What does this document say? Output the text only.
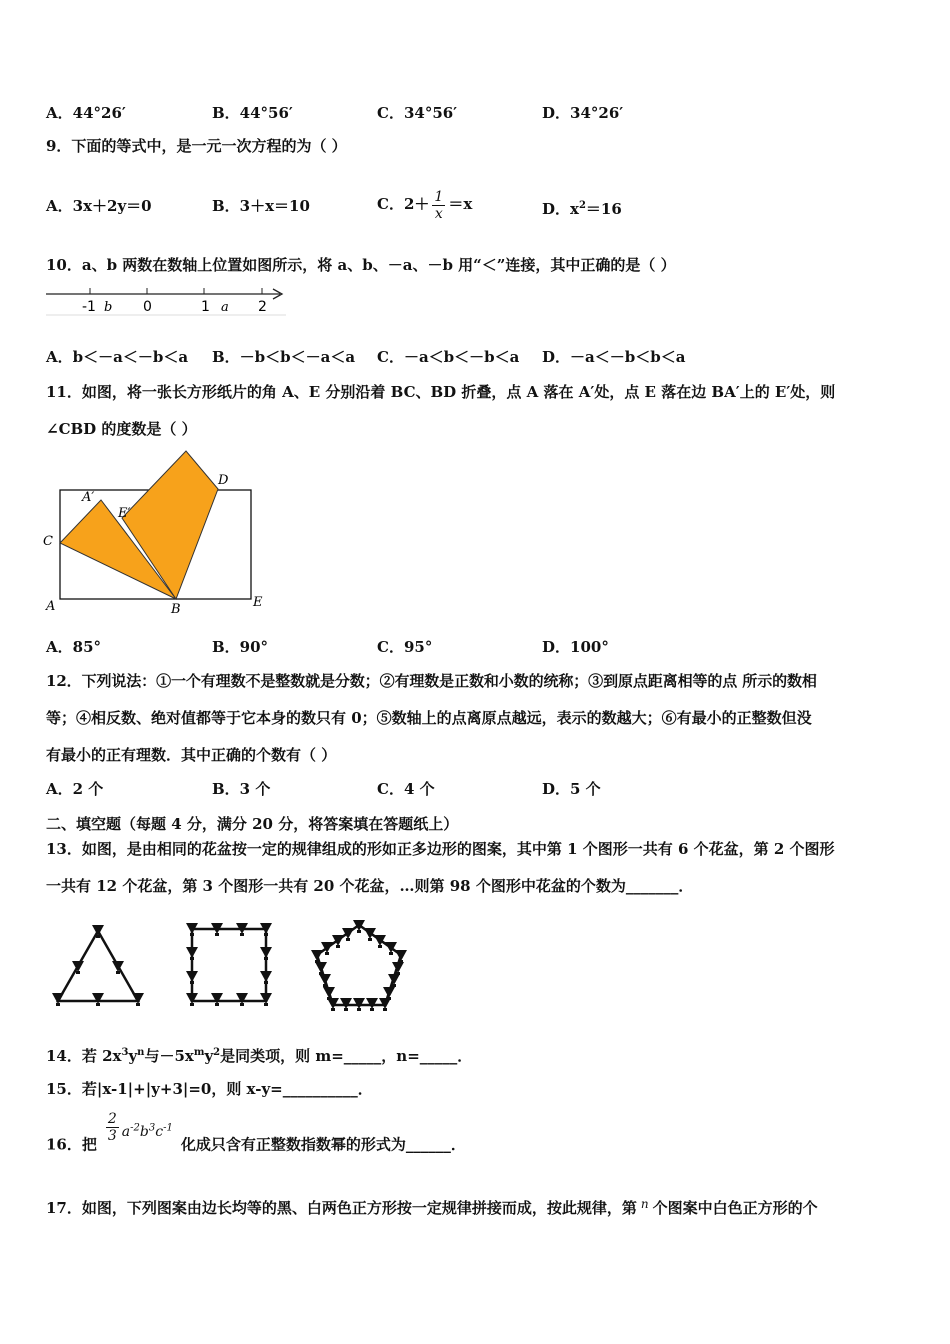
A．44°26′	B．44°56′	C．34°56′	D．34°26′
9．下面的等式中，是一元一次方程的为（ ）
A．3x＋2y＝0	B．3＋x＝10	C．$2+ \frac{1}{x} =x$	D．$x^2=16$
10．a、b 两数在数轴上位置如图所示，将 a、b、－a、－b 用“＜”连接，其中正确的是（ ）
-1 b 0	1 a 2
A．b＜－a＜－b＜a B．－b＜b＜－a＜a C．－a＜b＜－b＜a D．－a＜－b＜b＜a
11．如图，将一张长方形纸片的角 A、E 分别沿着 BC、BD 折叠，点 A 落在 A′处，点 E 落在边 BA′上的 E′处，则
∠CBD 的度数是（ ）
A′
E′
C
D
A	B	E
A．85°	B．90°	C．95°	D．100°
12．下列说法：①一个有理数不是整数就是分数；②有理数是正数和小数的统称；③到原点距离相等的点 所示的数相
等；④相反数、绝对值都等于它本身的数只有 0；⑤数轴上的点离原点越远，表示的数越大；⑥有最小的正整数但没
有最小的正有理数．其中正确的个数有（ ）
A．2 个	B．3 个	C．4 个	D．5 个
二、填空题（每题 4 分，满分 20 分，将答案填在答题纸上）
13．如图，是由相同的花盆按一定的规律组成的形如正多边形的图案，其中第 1 个图形一共有 6 个花盆，第 2 个图形
一共有 12 个花盆，第 3 个图形一共有 20 个花盆，…则第 98 个图形中花盆的个数为_______．
14．若 $2x^3y^n$与$-5x^my^2$是同类项，则 m=_____，n=_____．
15．若|x-1|+|y+3|=0，则 x-y=__________．
16．把
$\frac{2}{3} a^{-2}b^3c^{-1}$化成只含有正整数指数幂的形式为______．
17．如图，下列图案由边长均等的黑、白两色正方形按一定规律拼接而成，按此规律，第 $^n$ 个图案中白色正方形的个
